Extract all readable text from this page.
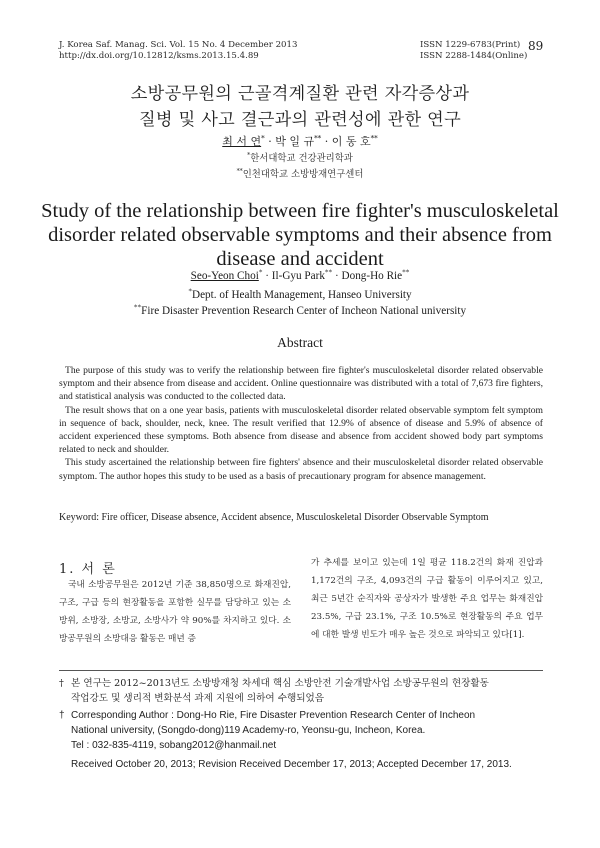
J. Korea Saf. Manag. Sci. Vol. 15 No. 4 December 2013
http://dx.doi.org/10.12812/ksms.2013.15.4.89
ISSN 1229-6783(Print)
ISSN 2288-1484(Online)
89
소방공무원의 근골격계질환 관련 자각증상과
질병 및 사고 결근과의 관련성에 관한 연구
최 서 연* · 박 일 규** · 이 동 호**
*한서대학교 건강관리학과
**인천대학교 소방방재연구센터
Study of the relationship between fire fighter's musculoskeletal
disorder related observable symptoms and their absence from
disease and accident
Seo-Yeon Choi* · Il-Gyu Park** · Dong-Ho Rie**
*Dept. of Health Management, Hanseo University
**Fire Disaster Prevention Research Center of Incheon National university
Abstract

The purpose of this study was to verify the relationship between fire fighter's musculoskeletal disorder related observable symptom and their absence from disease and accident. Online questionnaire was distributed with a total of 7,673 fire fighters, and statistical analysis was conducted to the collected data.

The result shows that on a one year basis, patients with musculoskeletal disorder related observable symptom felt symptom in sequence of back, shoulder, neck, knee. The result verified that 12.9% of absence of disease and 5.9% of absence of accident experienced these symptoms. Both absence from disease and absence from accident showed body part symptoms related to neck and shoulder.

This study ascertained the relationship between fire fighters' absence and their musculoskeletal disorder related observable symptom. The author hopes this study to be used as a basis of precautionary program for absence management.

Keyword: Fire officer, Disease absence, Accident absence, Musculoskeletal Disorder Observable Symptom
1. 서 론

국내 소방공무원은 2012년 기준 38,850명으로 화재진압, 구조, 구급 등의 현장활동을 포함한 실무를 담당하고 있는 소방위, 소방장, 소방교, 소방사가 약 90%를 차지하고 있다. 소방공무원의 소방대응 활동은 매년 증

가 추세를 보이고 있는데 1일 평균 118.2건의 화재 진압과 1,172건의 구조, 4,093건의 구급 활동이 이루어지고 있고, 최근 5년간 순직자와 공상자가 발생한 주요 업무는 화재진압 23.5%, 구급 23.1%, 구조 10.5%로 현장활동의 주요 업무에 대한 발생 빈도가 매우 높은 것으로 파악되고 있다[1].

† 본 연구는 2012~2013년도 소방방재청 차세대 핵심 소방안전 기술개발사업 소방공무원의 현장활동
작업강도 및 생리적 변화분석 과제 지원에 의하여 수행되었음
† Corresponding Author : Dong-Ho Rie, Fire Disaster Prevention Research Center of Incheon
National university, (Songdo-dong)119 Academy-ro, Yeonsu-gu, Incheon, Korea.
Tel : 032-835-4119, sobang2012@hanmail.net
Received October 20, 2013; Revision Received December 17, 2013; Accepted December 17, 2013.
